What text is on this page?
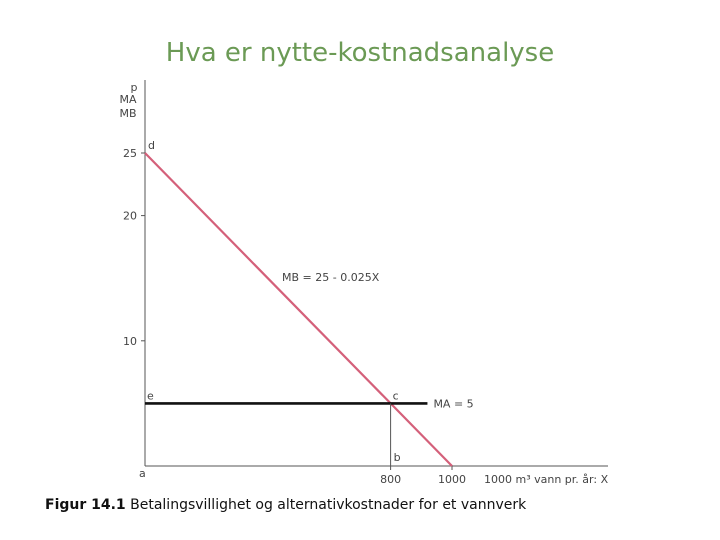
Hva er nytte-kostnadsanalyse
p
MA
MB
1000 m³ vann pr. år: X
10
20
25
800	1000
MB = 25 - 0.025X
MA = 5
d
e	c
b
a
Figur 14.1 Betalingsvillighet og alternativkostnader for et vannverk
